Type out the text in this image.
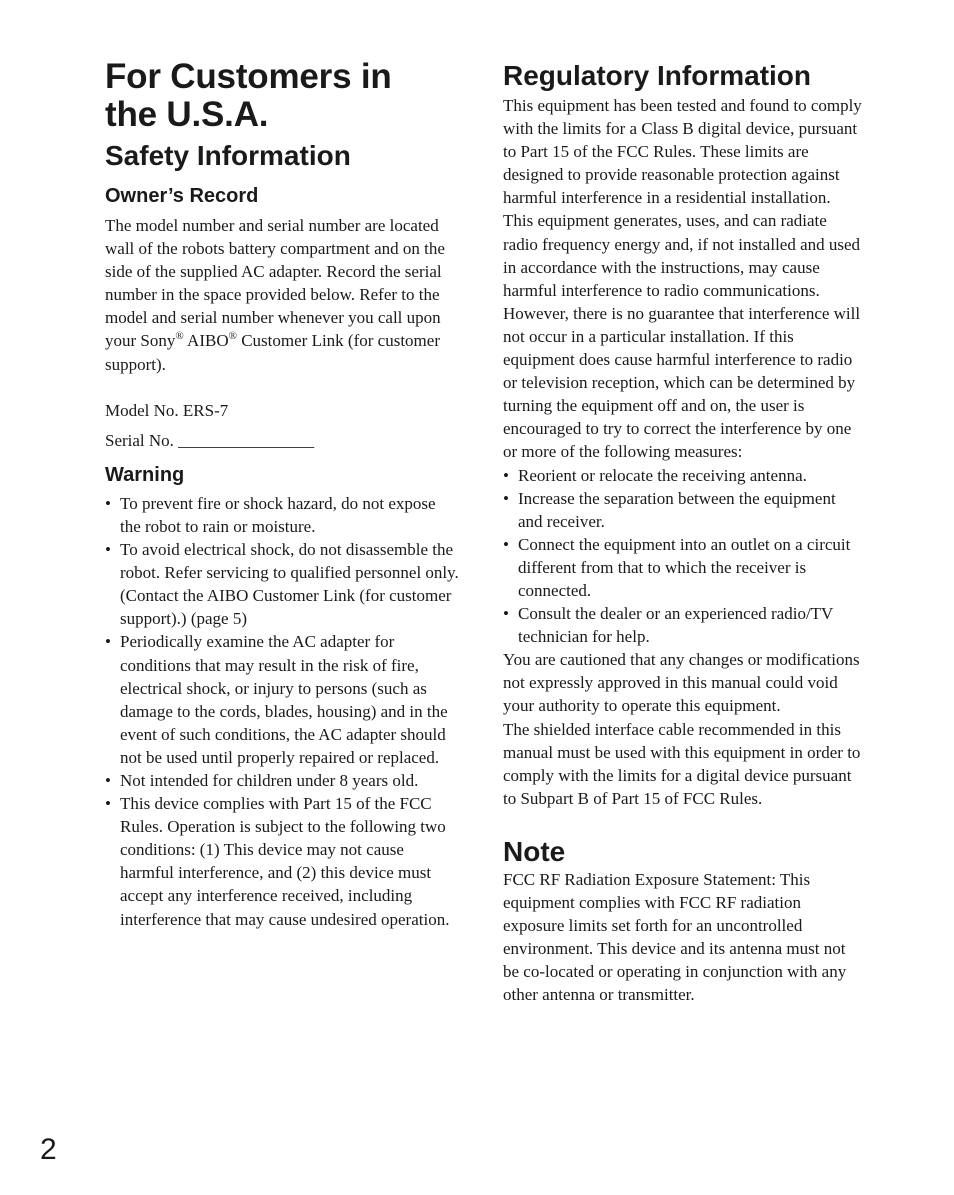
For Customers in the U.S.A.
Safety Information
Owner’s Record

The model number and serial number are located wall of the robots battery compartment and on the side of the supplied AC adapter. Record the serial number in the space provided below. Refer to the model and serial number whenever you call upon your Sony® AIBO® Customer Link (for customer support).

Model No. ERS-7

Serial No. ________________

Warning
• To prevent fire or shock hazard, do not expose the robot to rain or moisture.
• To avoid electrical shock, do not disassemble the robot. Refer servicing to qualified personnel only. (Contact the AIBO Customer Link (for customer support).) (page 5)
• Periodically examine the AC adapter for conditions that may result in the risk of fire, electrical shock, or injury to persons (such as damage to the cords, blades, housing) and in the event of such conditions, the AC adapter should not be used until properly repaired or replaced.
• Not intended for children under 8 years old.
• This device complies with Part 15 of the FCC Rules. Operation is subject to the following two conditions: (1) This device may not cause harmful interference, and (2) this device must accept any interference received, including interference that may cause undesired operation.
Regulatory Information

This equipment has been tested and found to comply with the limits for a Class B digital device, pursuant to Part 15 of the FCC Rules. These limits are designed to provide reasonable protection against harmful interference in a residential installation. This equipment generates, uses, and can radiate radio frequency energy and, if not installed and used in accordance with the instructions, may cause harmful interference to radio communications. However, there is no guarantee that interference will not occur in a particular installation. If this equipment does cause harmful interference to radio or television reception, which can be determined by turning the equipment off and on, the user is encouraged to try to correct the interference by one or more of the following measures:

• Reorient or relocate the receiving antenna.
• Increase the separation between the equipment and receiver.
• Connect the equipment into an outlet on a circuit different from that to which the receiver is connected.
• Consult the dealer or an experienced radio/TV technician for help.

You are cautioned that any changes or modifications not expressly approved in this manual could void your authority to operate this equipment.

The shielded interface cable recommended in this manual must be used with this equipment in order to comply with the limits for a digital device pursuant to Subpart B of Part 15 of FCC Rules.

Note

FCC RF Radiation Exposure Statement: This equipment complies with FCC RF radiation exposure limits set forth for an uncontrolled environment. This device and its antenna must not be co-located or operating in conjunction with any other antenna or transmitter.

2
